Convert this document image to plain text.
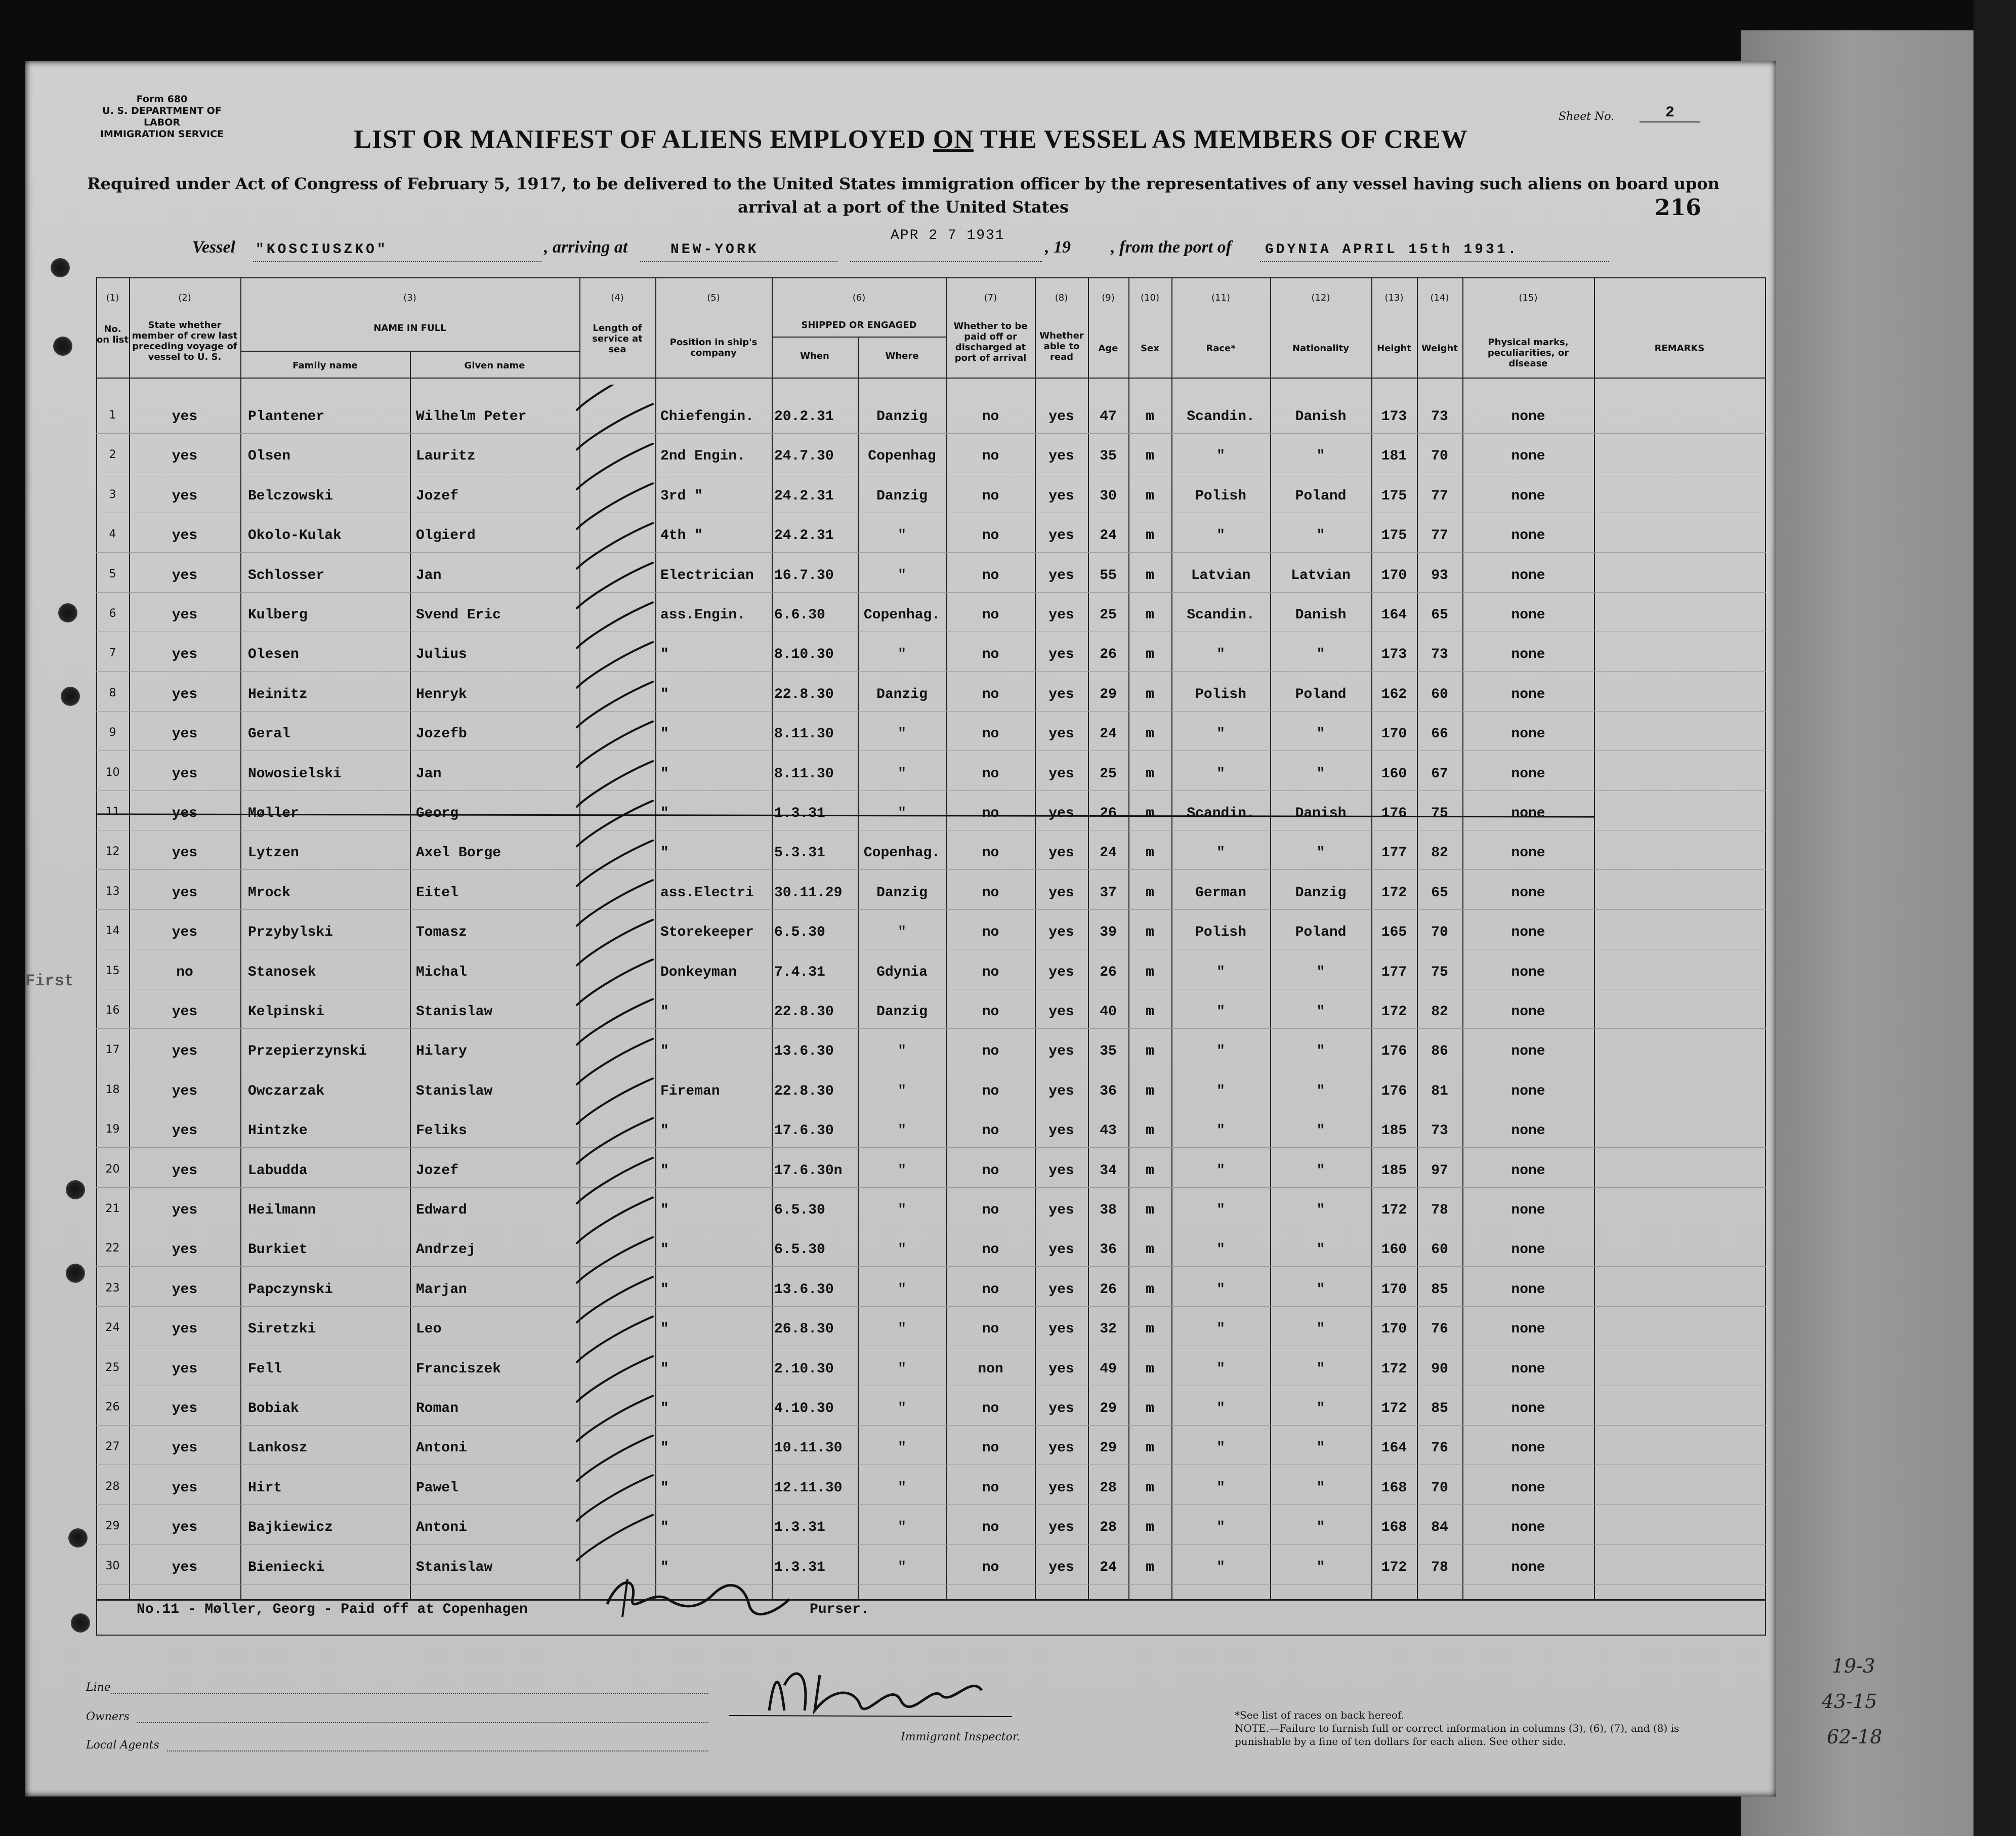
Form 680
U. S. DEPARTMENT OF LABOR
IMMIGRATION SERVICE
Sheet No.	2
LIST OR MANIFEST OF ALIENS EMPLOYED ON THE VESSEL AS MEMBERS OF CREW
Required under Act of Congress of February 5, 1917, to be delivered to the United States immigration officer by the representatives of any vessel having such aliens on board upon arrival at a port of the United States	216
APR 2 7 1931
Vessel "KOSCIUSZKO"	, arriving at	NEW-YORK	, 19 , from the port of GDYNIA APRIL 15th 1931.
(1)
No. on list
(2)
State whether member of crew last preceding voyage of vessel to U. S.
(3)
NAME IN FULL
Family name	Given name
(4)
Length of service at sea
(5)
Position in ship's company
(6)
SHIPPED OR ENGAGED
When	Where
(7)
Whether to be paid off or discharged at port of arrival
(8)
Whether able to read
(9)
Age
(10)
Sex
(11)
Race*
(12)
Nationality
(13)
Height
(14)
Weight
(15)
Physical marks, peculiarities, or disease
REMARKS
1	yes	Plantener	Wilhelm Peter	Chiefengin.	20.2.31	Danzig	no	yes	47	m	Scandin.	Danish	173	73	none
2	yes	Olsen	Lauritz	2nd Engin.	24.7.30	Copenhag	no	yes	35	m	"	"	181	70	none
3	yes	Belczowski	Jozef	3rd "	24.2.31	Danzig	no	yes	30	m	Polish	Poland	175	77	none
4	yes	Okolo-Kulak	Olgierd	4th "	24.2.31	"	no	yes	24	m	"	"	175	77	none
5	yes	Schlosser	Jan	Electrician	16.7.30	"	no	yes	55	m	Latvian	Latvian	170	93	none
6	yes	Kulberg	Svend Eric	ass.Engin.	6.6.30	Copenhag.	no	yes	25	m	Scandin.	Danish	164	65	none
7	yes	Olesen	Julius	"	8.10.30	"	no	yes	26	m	"	"	173	73	none
8	yes	Heinitz	Henryk	"	22.8.30	Danzig	no	yes	29	m	Polish	Poland	162	60	none
9	yes	Geral	Jozefb	"	8.11.30	"	no	yes	24	m	"	"	170	66	none
10	yes	Nowosielski	Jan	"	8.11.30	"	no	yes	25	m	"	"	160	67	none
11	yes	Møller	Georg	"	1.3.31	"	no	yes	26	m	Scandin.	Danish	176	75	none
12	yes	Lytzen	Axel Borge	"	5.3.31	Copenhag.	no	yes	24	m	"	"	177	82	none
13	yes	Mrock	Eitel	ass.Electri	30.11.29	Danzig	no	yes	37	m	German	Danzig	172	65	none
14	yes	Przybylski	Tomasz	Storekeeper	6.5.30	"	no	yes	39	m	Polish	Poland	165	70	none
15	no	Stanosek	Michal	Donkeyman	7.4.31	Gdynia	no	yes	26	m	"	"	177	75	none
16	yes	Kelpinski	Stanislaw	"	22.8.30	Danzig	no	yes	40	m	"	"	172	82	none
17	yes	Przepierzynski	Hilary	"	13.6.30	"	no	yes	35	m	"	"	176	86	none
18	yes	Owczarzak	Stanislaw	Fireman	22.8.30	"	no	yes	36	m	"	"	176	81	none
19	yes	Hintzke	Feliks	"	17.6.30	"	no	yes	43	m	"	"	185	73	none
20	yes	Labudda	Jozef	"	17.6.30n	"	no	yes	34	m	"	"	185	97	none
21	yes	Heilmann	Edward	"	6.5.30	"	no	yes	38	m	"	"	172	78	none
22	yes	Burkiet	Andrzej	"	6.5.30	"	no	yes	36	m	"	"	160	60	none
23	yes	Papczynski	Marjan	"	13.6.30	"	no	yes	26	m	"	"	170	85	none
24	yes	Siretzki	Leo	"	26.8.30	"	no	yes	32	m	"	"	170	76	none
25	yes	Fell	Franciszek	"	2.10.30	"	non	yes	49	m	"	"	172	90	none
26	yes	Bobiak	Roman	"	4.10.30	"	no	yes	29	m	"	"	172	85	none
27	yes	Lankosz	Antoni	"	10.11.30	"	no	yes	29	m	"	"	164	76	none
28	yes	Hirt	Pawel	"	12.11.30	"	no	yes	28	m	"	"	168	70	none
29	yes	Bajkiewicz	Antoni	"	1.3.31	"	no	yes	28	m	"	"	168	84	none
30	yes	Bieniecki	Stanislaw	"	1.3.31	"	no	yes	24	m	"	"	172	78	none
No.11 - Møller, Georg - Paid off at Copenhagen	Purser.
Line
Owners
Local Agents
Immigrant Inspector.
*See list of races on back hereof.
NOTE.—Failure to furnish full or correct information in columns (3), (6), (7), and (8) is punishable by a fine of ten dollars for each alien. See other side.
First
19-3
43-15
62-18
